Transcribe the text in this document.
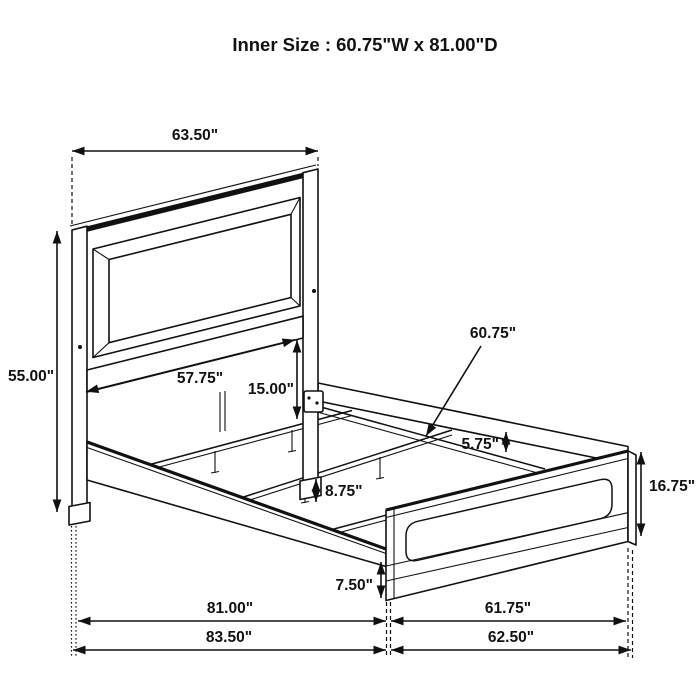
Inner Size : 60.75"W x 81.00"D
63.50"
55.00"	57.75"
15.00"
60.75"
5.75"
8.75"	16.75"
7.50"
81.00"	61.75"
83.50"	62.50"
